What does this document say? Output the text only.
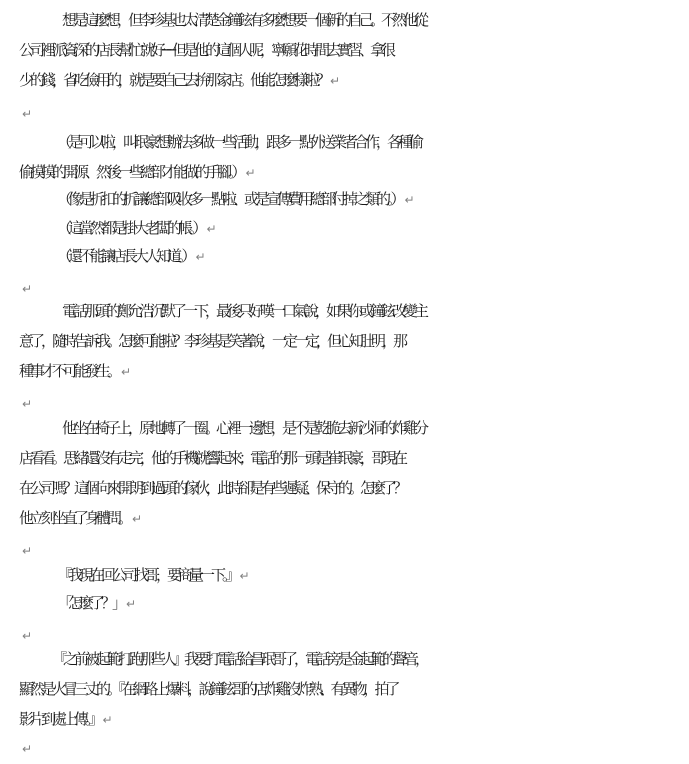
想是這麼想，但李珍基也太清楚金鐘鉉有多麼想要一個新的自己。不然他從
公司裡派資深的店長幫忙就好──但是他的這個人呢，寧願花時間去實習、拿很
少的錢，省吃儉用的，就是要自己去拚那家店。他能怎麼樣啦？ ↵
↵
（是可以啦，叫珉豪想辦法多做一些活動，跟多一點外送業者合作，各種偷
偷摸摸的開源、然後一些總部才能做的手腳。） ↵
（像是折扣的折讓總部吸收多一點啦、或是宣傳費用總部付掉之類的。） ↵
（這當然都是掛大老闆的帳。） ↵
（還不能讓店長大人知道。） ↵
↵
電話那頭的鄭允浩沉默了一下，最後只好嘆一口氣說，如果你或鐘鉉改變主
意了，隨時告訴我。怎麼可能啦？李珍基是笑著說，一定一定，但心知肚明，那
種事才不可能發生。 ↵
↵
他坐在椅子上，原地轉了一圈。心裡一邊想，是不是乾脆去新沙洞的炸雞分
店看看。思緒還沒有走完，他的手機就響起來；電話的那一頭是崔珉豪，哥現在
在公司嗎？這個向來開朗到過頭的傢伙，此時卻是有些遲疑、保守的。怎麼了？
他立刻坐直了身體問。 ↵
↵
『我現在回公司找哥，要商量一下。』 ↵
「怎麼了？」 ↵
↵
『之前被起範打跑那些人』我要打電話給昌珉哥了，電話旁是金起範的聲音，
顯然是火冒三丈的。『在網路上爆料，說鐘鉉哥的店炸雞沒炸熟、有異物，拍了
影片到處上傳。』 ↵
↵
